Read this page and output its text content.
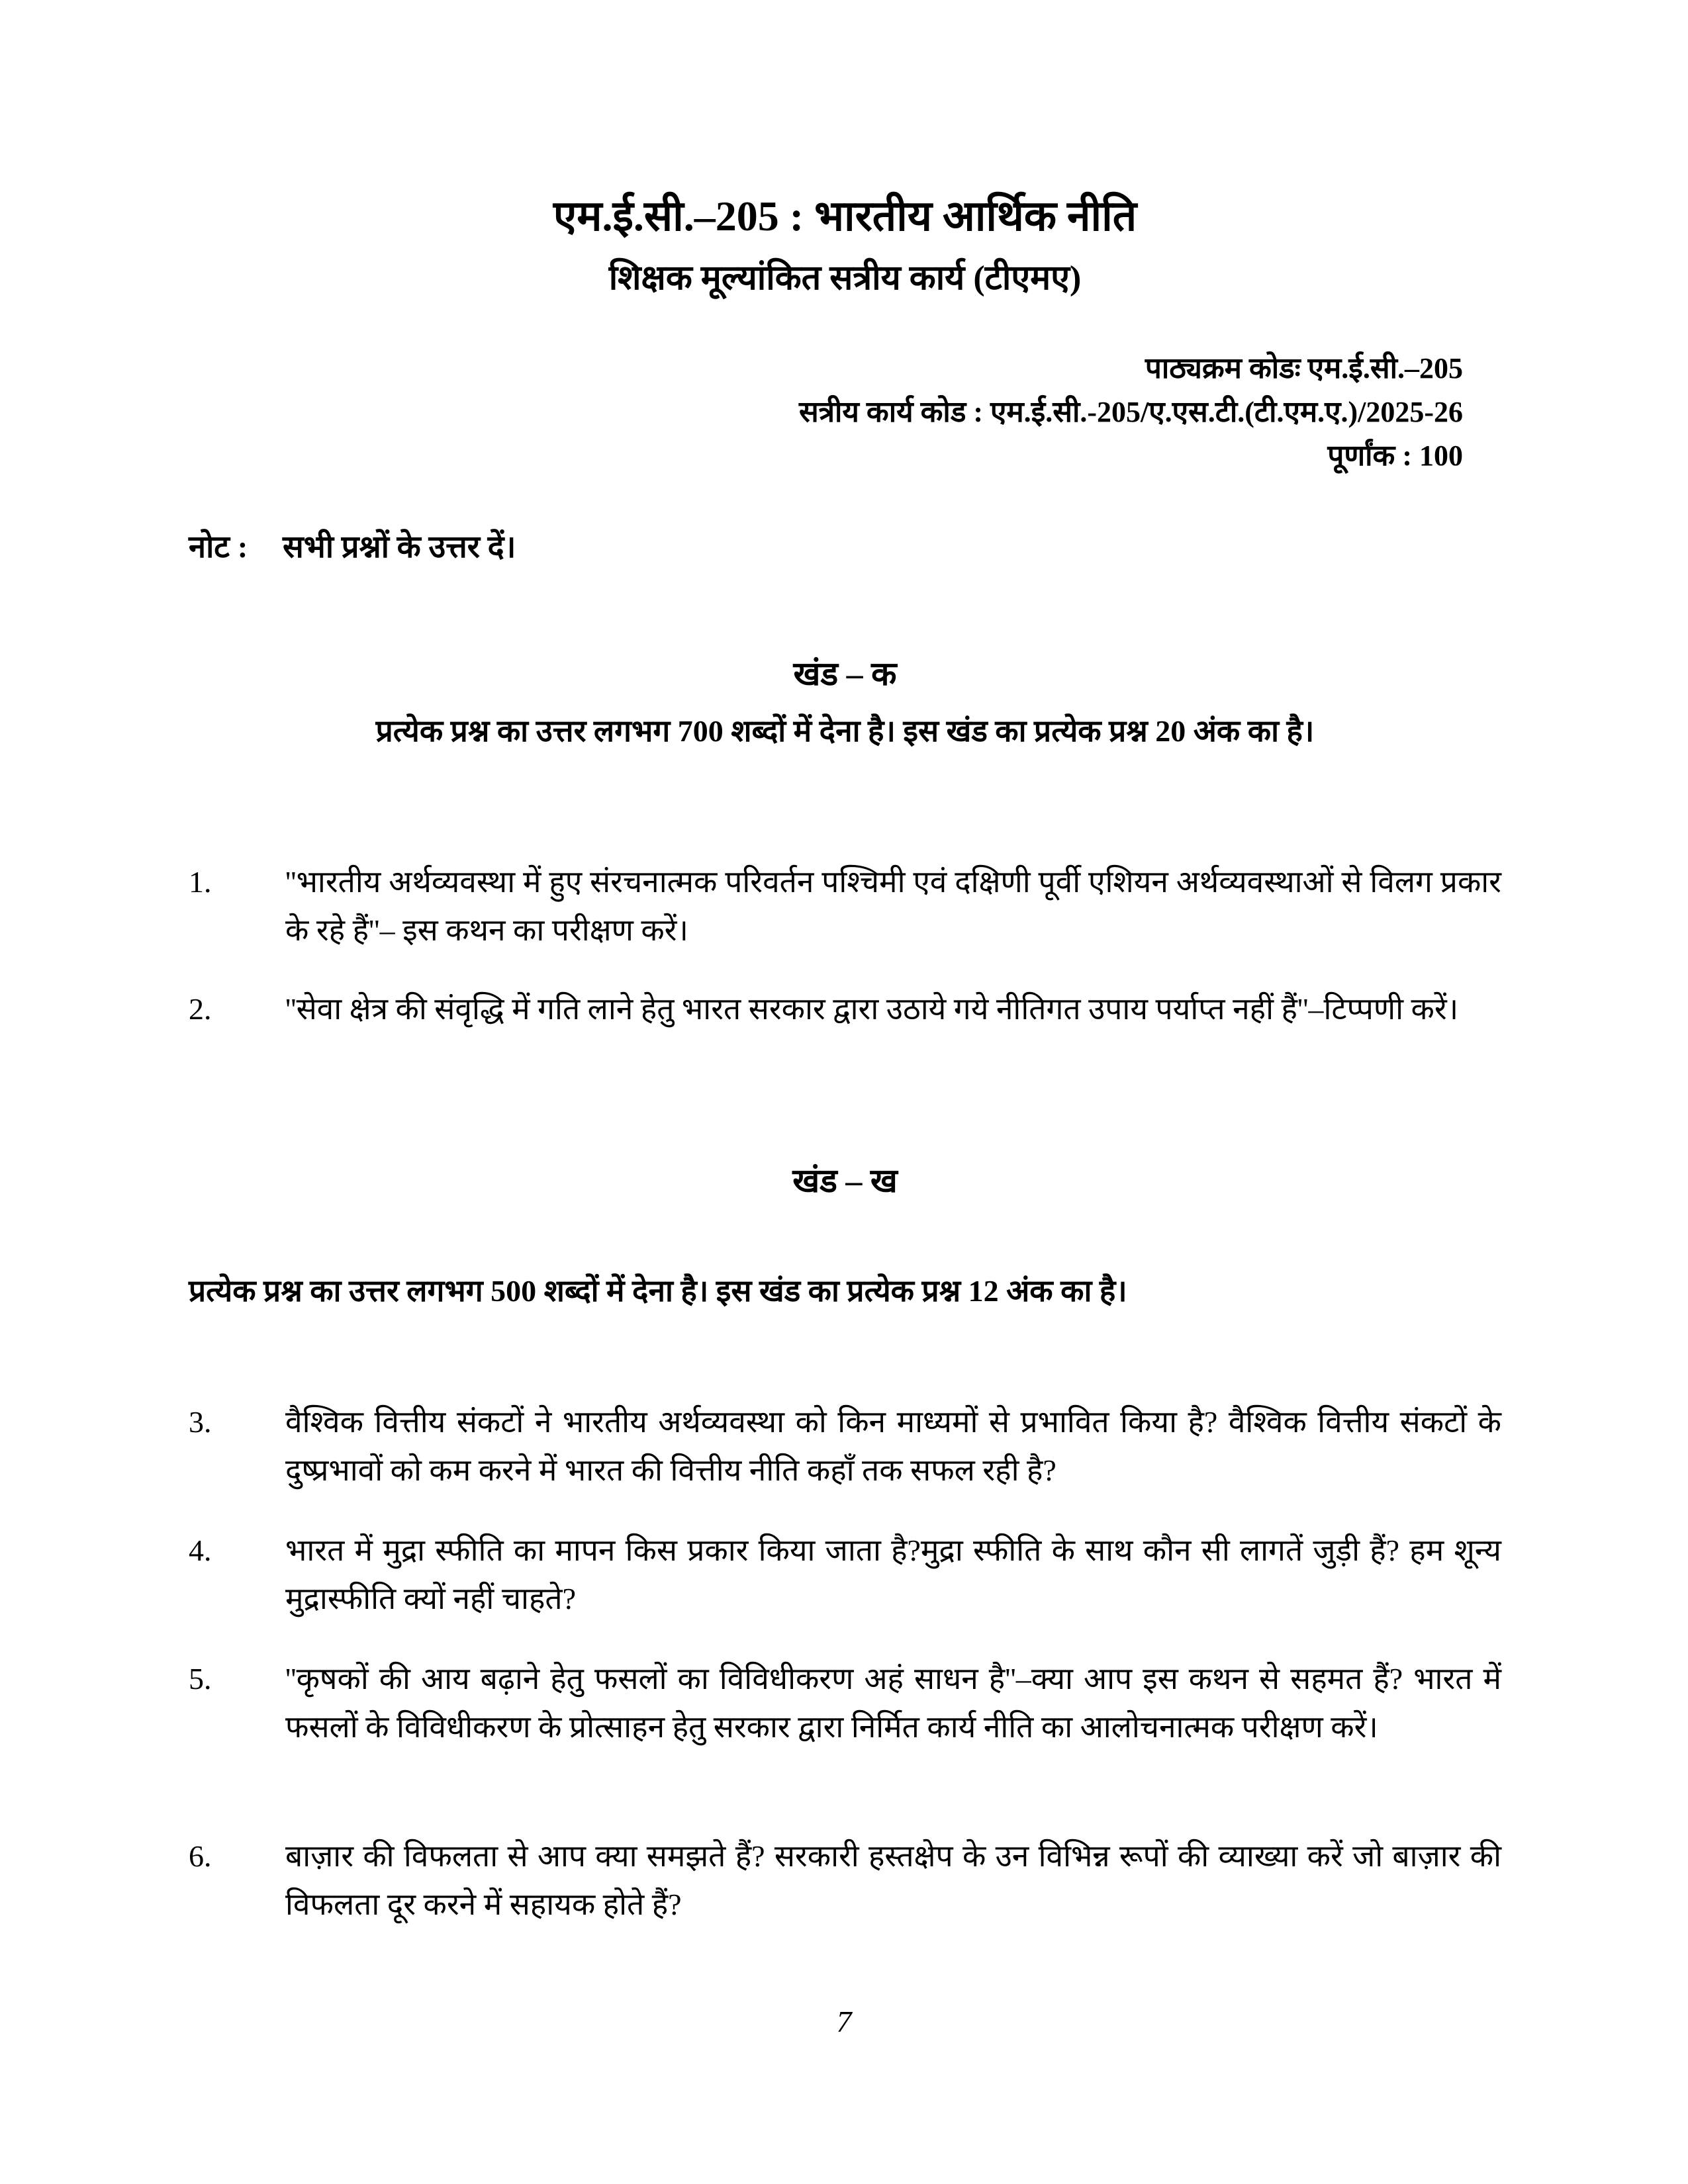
एम.ई.सी.–205 : भारतीय आर्थिक नीति
शिक्षक मूल्यांकित सत्रीय कार्य (टीएमए)
पाठ्यक्रम कोडः एम.ई.सी.–205
सत्रीय कार्य कोड : एम.ई.सी.-205/ए.एस.टी.(टी.एम.ए.)/2025-26
पूर्णांक : 100
नोट :	सभी प्रश्नों के उत्तर दें।
खंड – क
प्रत्येक प्रश्न का उत्तर लगभग 700 शब्दों में देना है। इस खंड का प्रत्येक प्रश्न 20 अंक का है।
1.	''भारतीय अर्थव्यवस्था में हुए संरचनात्मक परिवर्तन पश्चिमी एवं दक्षिणी पूर्वी एशियन अर्थव्यवस्थाओं से विलग प्रकार के रहे हैं''– इस कथन का परीक्षण करें।
2.	''सेवा क्षेत्र की संवृद्धि में गति लाने हेतु भारत सरकार द्वारा उठाये गये नीतिगत उपाय पर्याप्त नहीं हैं''–टिप्पणी करें।
खंड – ख
प्रत्येक प्रश्न का उत्तर लगभग 500 शब्दों में देना है। इस खंड का प्रत्येक प्रश्न 12 अंक का है।
3.	वैश्विक वित्तीय संकटों ने भारतीय अर्थव्यवस्था को किन माध्यमों से प्रभावित किया है? वैश्विक वित्तीय संकटों के दुष्प्रभावों को कम करने में भारत की वित्तीय नीति कहाँ तक सफल रही है?
4.	भारत में मुद्रा स्फीति का मापन किस प्रकार किया जाता है?मुद्रा स्फीति के साथ कौन सी लागतें जुड़ी हैं? हम शून्य मुद्रास्फीति क्यों नहीं चाहते?
5.	''कृषकों की आय बढ़ाने हेतु फसलों का विविधीकरण अहं साधन है''–क्या आप इस कथन से सहमत हैं? भारत में फसलों के विविधीकरण के प्रोत्साहन हेतु सरकार द्वारा निर्मित कार्य नीति का आलोचनात्मक परीक्षण करें।
6.	बाज़ार की विफलता से आप क्या समझते हैं? सरकारी हस्तक्षेप के उन विभिन्न रूपों की व्याख्या करें जो बाज़ार की विफलता दूर करने में सहायक होते हैं?
7
